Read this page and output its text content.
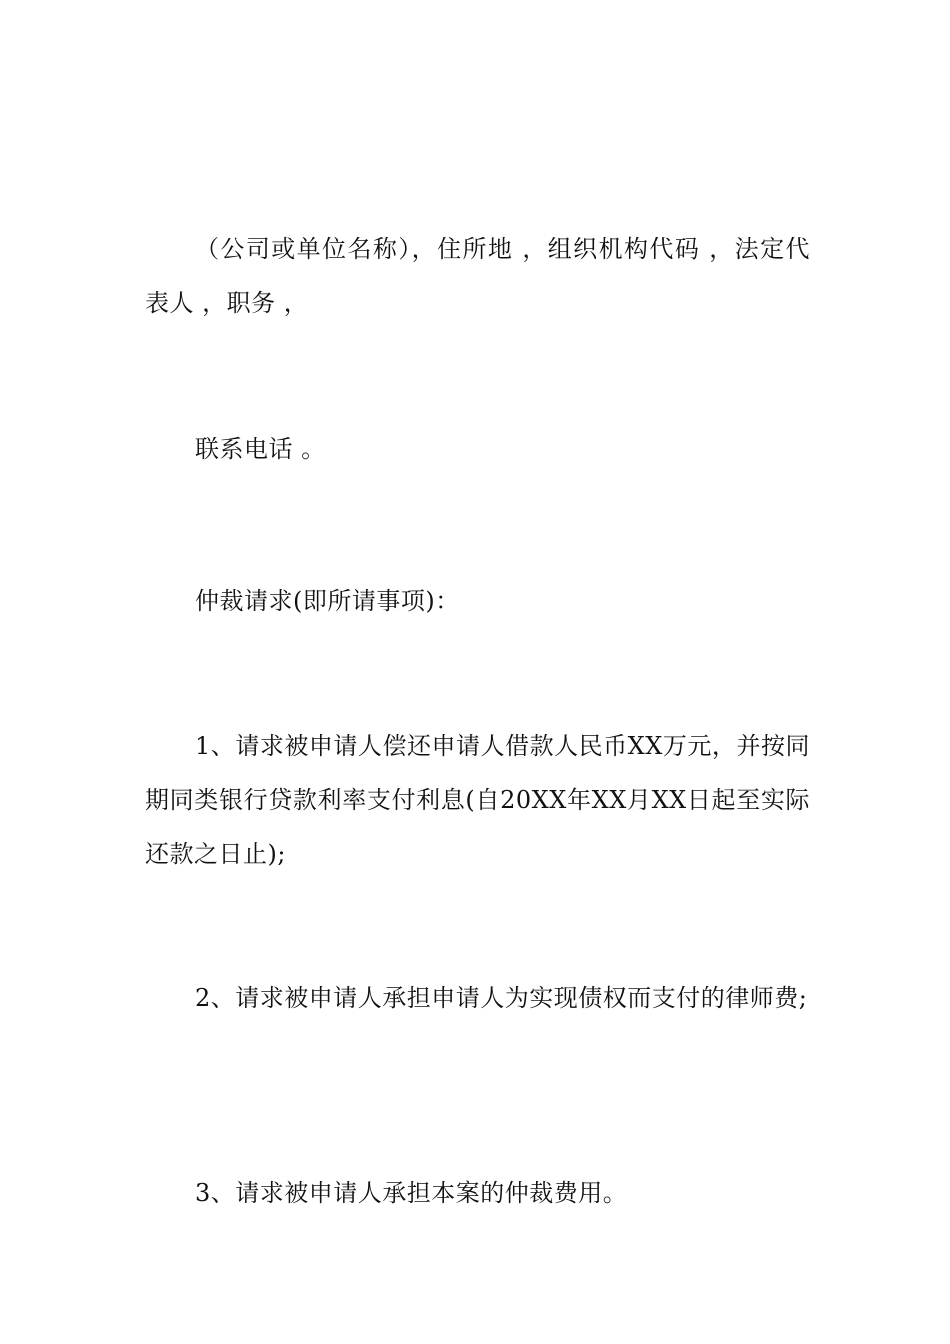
（公司或单位名称），住所地 ，组织机构代码 ，法定代表人 ，职务 ，

联系电话 。

仲裁请求(即所请事项)：

1、请求被申请人偿还申请人借款人民币XX万元，并按同期同类银行贷款利率支付利息(自20XX年XX月XX日起至实际还款之日止);

2、请求被申请人承担申请人为实现债权而支付的律师费;

3、请求被申请人承担本案的仲裁费用。
